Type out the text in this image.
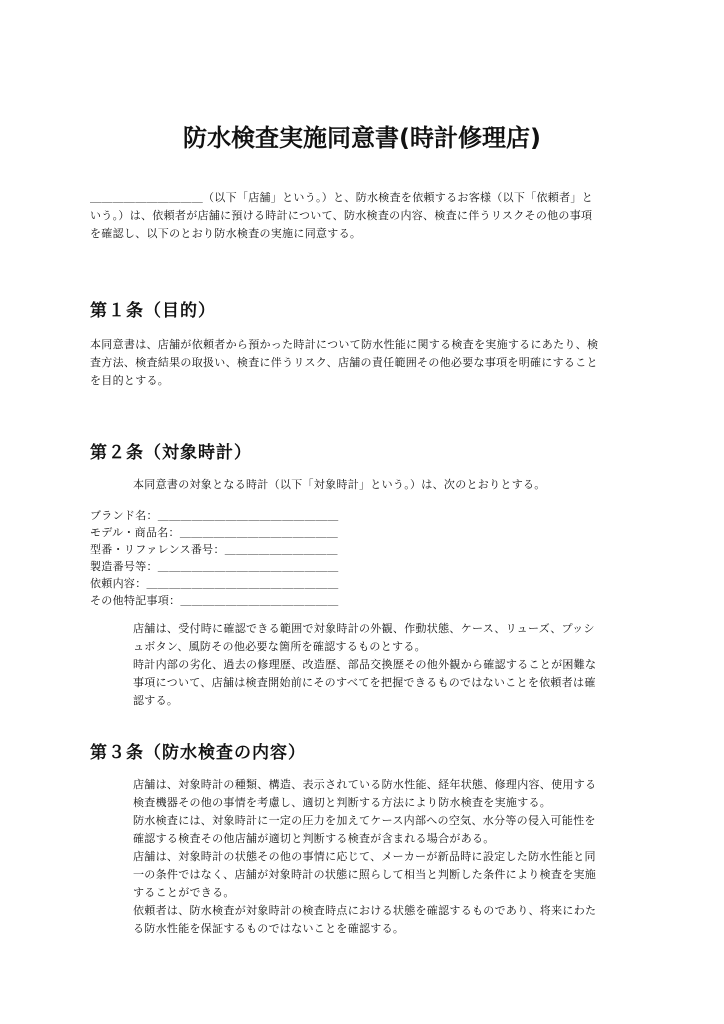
防水検査実施同意書(時計修理店)
＿＿＿＿＿＿＿＿＿＿（以下「店舗」という。）と、防水検査を依頼するお客様（以下「依頼者」と
いう。）は、依頼者が店舗に預ける時計について、防水検査の内容、検査に伴うリスクその他の事項
を確認し、以下のとおり防水検査の実施に同意する。
第１条（目的）
本同意書は、店舗が依頼者から預かった時計について防水性能に関する検査を実施するにあたり、検
査方法、検査結果の取扱い、検査に伴うリスク、店舗の責任範囲その他必要な事項を明確にすること
を目的とする。
第２条（対象時計）
本同意書の対象となる時計（以下「対象時計」という。）は、次のとおりとする。
ブランド名：＿＿＿＿＿＿＿＿＿＿＿＿＿＿＿＿
モデル・商品名：＿＿＿＿＿＿＿＿＿＿＿＿＿＿
型番・リファレンス番号：＿＿＿＿＿＿＿＿＿＿
製造番号等：＿＿＿＿＿＿＿＿＿＿＿＿＿＿＿＿
依頼内容：＿＿＿＿＿＿＿＿＿＿＿＿＿＿＿＿＿
その他特記事項：＿＿＿＿＿＿＿＿＿＿＿＿＿＿
店舗は、受付時に確認できる範囲で対象時計の外観、作動状態、ケース、リューズ、プッシ
ュボタン、風防その他必要な箇所を確認するものとする。
時計内部の劣化、過去の修理歴、改造歴、部品交換歴その他外観から確認することが困難な
事項について、店舗は検査開始前にそのすべてを把握できるものではないことを依頼者は確
認する。
第３条（防水検査の内容）
店舗は、対象時計の種類、構造、表示されている防水性能、経年状態、修理内容、使用する
検査機器その他の事情を考慮し、適切と判断する方法により防水検査を実施する。
防水検査には、対象時計に一定の圧力を加えてケース内部への空気、水分等の侵入可能性を
確認する検査その他店舗が適切と判断する検査が含まれる場合がある。
店舗は、対象時計の状態その他の事情に応じて、メーカーが新品時に設定した防水性能と同
一の条件ではなく、店舗が対象時計の状態に照らして相当と判断した条件により検査を実施
することができる。
依頼者は、防水検査が対象時計の検査時点における状態を確認するものであり、将来にわた
る防水性能を保証するものではないことを確認する。
